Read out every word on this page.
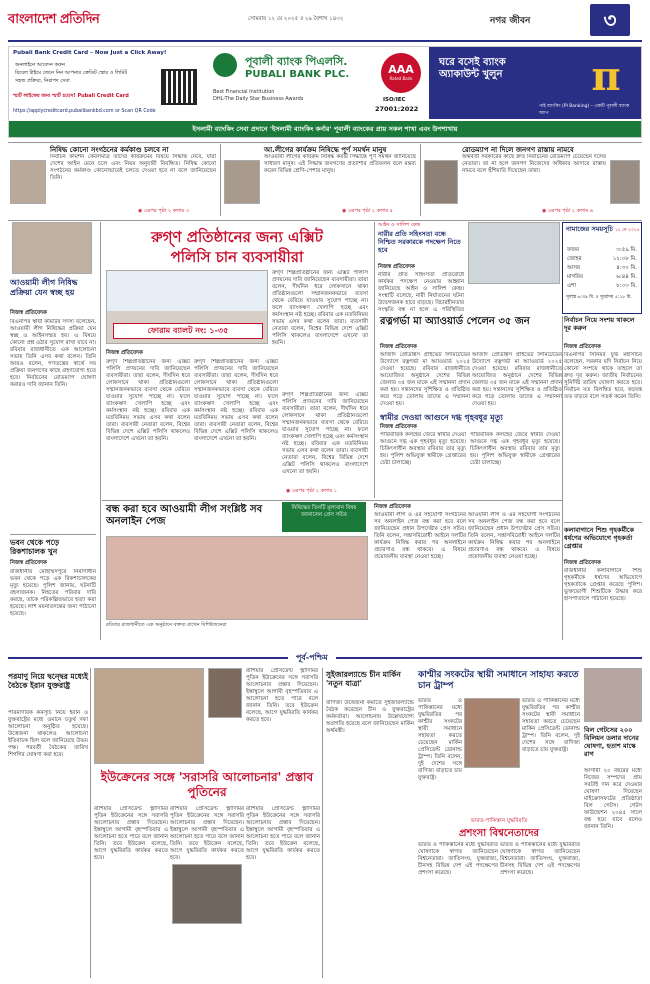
বাংলাদেশ প্রতিদিন	সোমবার ১২ মে ২০২৫ ॥ ২৯ বৈশাখ ১৪৩২	নগর জীবন	৩
Pubali Bank Credit Card – Now Just a Click Away!
অনলাইনে আবেদন করুন
রিয়েল টাইমে জেনে নিন আপনার ক্রেডিট স্কোর ও লিমিট
সহজ প্রক্রিয়া, নিরাপদ সেবা
স্মার্ট লাইফের জন্য স্মার্ট চয়েস! Pubali Credit Card
https://applycreditcard.pubalibankbd.com or Scan QR Code
পূবালী ব্যাংক পিএলসি.
PUBALI BANK PLC.
Best Financial Institution
DHL-The Daily Star Business Awards
AAA
Rated Bank
ISO/IEC
27001:2022
ঘরে বসেই ব্যাংক অ্যাকাউন্ট খুলুন
পাই ব্যাংকিং (PI Banking) – একটি পূবালী ব্যাংক অ্যাপ
π
ইসলামী ব্যাংকিং সেবা প্রদানে 'ইসলামী ব্যাংকিং কর্নার' পূবালী ব্যাংকের প্রায় সকল শাখা এবং উপশাখায়
নিষিদ্ধ কোনো সংগঠনের কর্মকাণ্ড চলবে না
নির্বাচন কমিশন কেবলমাত্র তাদের কার্যক্রমের বিষয়ে সিদ্ধান্ত নেবে, যারা দেশের আইন মেনে চলে এবং নিয়ম অনুযায়ী নিবন্ধিত। নিষিদ্ধ কোনো সংগঠনের কর্মকাণ্ড কোনোভাবেই চলতে দেওয়া হবে না বলে জানিয়েছেন তিনি।
◉ এরপর পৃষ্ঠা ২ কলাম ৩
আ.লীগের কার্যক্রম নিষিদ্ধে পূর্ণ সমর্থন মানুষ
আওয়ামী লীগের কার্যক্রম নিষিদ্ধ করার সিদ্ধান্তে পূর্ণ সমর্থন জানিয়েছে সাধারণ মানুষ। এই সিদ্ধান্ত জনগণের প্রত্যাশার প্রতিফলন বলে মন্তব্য করেন বিভিন্ন শ্রেণি-পেশার মানুষ।
◉ এরপর পৃষ্ঠা ২ কলাম ৫
রোডম্যাপ না দিলে জনগণ রাস্তায় নামবে
অন্তর্বর্তী সরকারের কাছে দ্রুত নির্বাচনের রোডম্যাপ চেয়েছেন দলের নেতারা। তা না হলে জনগণ নিজেদের অধিকার আদায়ে রাস্তায় নামবে বলে হুঁশিয়ারি দিয়েছেন তারা।
◉ এরপর পৃষ্ঠা ২ কলাম ৬
আওয়ামী লীগ নিষিদ্ধ প্রক্রিয়া যেন স্বচ্ছ হয়
নিজস্ব প্রতিবেদক
বিএনপির স্থায়ী কমিটির সদস্য বলেছেন, আওয়ামী লীগ নিষিদ্ধের প্রক্রিয়া যেন স্বচ্ছ ও আইনসম্মত হয়। এ বিষয়ে কোনো প্রশ্ন ওঠার সুযোগ রাখা যাবে না। রবিবার রাজধানীতে এক আলোচনা সভায় তিনি এসব কথা বলেন। তিনি আরও বলেন, গণতন্ত্রের স্বার্থে সব প্রক্রিয়া জনগণের কাছে গ্রহণযোগ্য হতে হবে। নির্বাচনের রোডম্যাপ ঘোষণা করারও দাবি জানান তিনি।
ভবন থেকে পড়ে রিকশাচালক খুন
নিজস্ব প্রতিবেদক
রাজধানীর মোহাম্মদপুরে নির্মাণাধীন ভবন থেকে পড়ে এক রিকশাচালকের মৃত্যু হয়েছে। পুলিশ জানায়, ঘটনাটি রহস্যজনক। নিহতের পরিবার দাবি করছে, তাকে পরিকল্পিতভাবে হত্যা করা হয়েছে। লাশ ময়নাতদন্তের জন্য পাঠানো হয়েছে।
রুগ্ণ প্রতিষ্ঠানের জন্য এক্সিট
পলিসি চান ব্যবসায়ীরা
ফোরাম ব্যালট নং: ১-৩৫
রুগ্ণ শিল্পপ্রতিষ্ঠানের জন্য এক্সিট পলিসি প্রণয়নের দাবি জানিয়েছেন ব্যবসায়ীরা। তারা বলেন, দীর্ঘদিন ধরে লোকসানে থাকা প্রতিষ্ঠানগুলো সম্মানজনকভাবে ব্যবসা থেকে বেরিয়ে যাওয়ার সুযোগ পাচ্ছে না। ফলে ব্যাংকঋণ খেলাপি হচ্ছে এবং কর্মসংস্থান নষ্ট হচ্ছে। রবিবার এক মতবিনিময় সভায় এসব কথা বলেন তারা। ব্যবসায়ী নেতারা বলেন, বিশ্বের বিভিন্ন দেশে এক্সিট পলিসি থাকলেও বাংলাদেশে এখনো তা হয়নি।
নিজস্ব প্রতিবেদক
রুগ্ণ শিল্পপ্রতিষ্ঠানের জন্য এক্সিট পলিসি প্রণয়নের দাবি জানিয়েছেন ব্যবসায়ীরা। তারা বলেন, দীর্ঘদিন ধরে লোকসানে থাকা প্রতিষ্ঠানগুলো সম্মানজনকভাবে ব্যবসা থেকে বেরিয়ে যাওয়ার সুযোগ পাচ্ছে না। ফলে ব্যাংকঋণ খেলাপি হচ্ছে এবং কর্মসংস্থান নষ্ট হচ্ছে। রবিবার এক মতবিনিময় সভায় এসব কথা বলেন তারা। ব্যবসায়ী নেতারা বলেন, বিশ্বের বিভিন্ন দেশে এক্সিট পলিসি থাকলেও বাংলাদেশে এখনো তা হয়নি।
রুগ্ণ শিল্পপ্রতিষ্ঠানের জন্য এক্সিট পলিসি প্রণয়নের দাবি জানিয়েছেন ব্যবসায়ীরা। তারা বলেন, দীর্ঘদিন ধরে লোকসানে থাকা প্রতিষ্ঠানগুলো সম্মানজনকভাবে ব্যবসা থেকে বেরিয়ে যাওয়ার সুযোগ পাচ্ছে না। ফলে ব্যাংকঋণ খেলাপি হচ্ছে এবং কর্মসংস্থান নষ্ট হচ্ছে। রবিবার এক মতবিনিময় সভায় এসব কথা বলেন তারা। ব্যবসায়ী নেতারা বলেন, বিশ্বের বিভিন্ন দেশে এক্সিট পলিসি থাকলেও বাংলাদেশে এখনো তা হয়নি।
রুগ্ণ শিল্পপ্রতিষ্ঠানের জন্য এক্সিট পলিসি প্রণয়নের দাবি জানিয়েছেন ব্যবসায়ীরা। তারা বলেন, দীর্ঘদিন ধরে লোকসানে থাকা প্রতিষ্ঠানগুলো সম্মানজনকভাবে ব্যবসা থেকে বেরিয়ে যাওয়ার সুযোগ পাচ্ছে না। ফলে ব্যাংকঋণ খেলাপি হচ্ছে এবং কর্মসংস্থান নষ্ট হচ্ছে। রবিবার এক মতবিনিময় সভায় এসব কথা বলেন তারা। ব্যবসায়ী নেতারা বলেন, বিশ্বের বিভিন্ন দেশে এক্সিট পলিসি থাকলেও বাংলাদেশে এখনো তা হয়নি।
◉ এরপর পৃষ্ঠা ২ কলাম ১
আইন ও সালিশ কেন্দ্র
নারীর প্রতি সহিংসতা বন্ধে নিশ্চিত সরকারকে পদক্ষেপ নিতে হবে
নিজস্ব প্রতিবেদক
নারীর প্রতি সহিংসতা প্রতিরোধে কার্যকর পদক্ষেপ নেওয়ার আহ্বান জানিয়েছে আইন ও সালিশ কেন্দ্র। সংস্থাটি বলেছে, নারী নির্যাতনের ঘটনা উদ্বেগজনক হারে বাড়ছে। বিচারহীনতার সংস্কৃতি বন্ধ না হলে এ পরিস্থিতির
নামাজের সময়সূচি ১২ মে ২০২৫
ফজর	৩:৫৯ মি.
জোহর	১২:০৮ মি.
আসর	৪:৩০ মি.
মাগরিব	৬:৪৪ মি.
এশা	৮:০৩ মি.
সূর্যাস্ত ৬:৩৯ মি. ॥ সূর্যোদয় ৫:১৮ মি.
রত্নগর্ভা মা অ্যাওয়ার্ড পেলেন ৩৫ জন
নিজস্ব প্রতিবেদক
আজাদ প্রোডাক্টস প্রাইভেট লিমিটেডের উদ্যোগে রত্নগর্ভা মা অ্যাওয়ার্ড ২০২৫ দেওয়া হয়েছে। রবিবার রাজধানীতে আয়োজিত অনুষ্ঠানে দেশের বিভিন্ন জেলার ৩৫ জন মাকে এই সম্মাননা প্রদান করা হয়। সন্তানদের সুশিক্ষিত ও প্রতিষ্ঠিত করে গড়ে তোলায় তাদের এ সম্মাননা দেওয়া হয়।
আজাদ প্রোডাক্টস প্রাইভেট লিমিটেডের উদ্যোগে রত্নগর্ভা মা অ্যাওয়ার্ড ২০২৫ দেওয়া হয়েছে। রবিবার রাজধানীতে আয়োজিত অনুষ্ঠানে দেশের বিভিন্ন জেলার ৩৫ জন মাকে এই সম্মাননা প্রদান করা হয়। সন্তানদের সুশিক্ষিত ও প্রতিষ্ঠিত করে গড়ে তোলায় তাদের এ সম্মাননা দেওয়া হয়।
নির্বাচন নিয়ে সংশয় থাকলে দূর করুন
নিজস্ব প্রতিবেদক
বিএনপির সিনিয়র যুগ্ম মহাসচিব বলেছেন, সরকার যদি নির্বাচন নিয়ে কোনো সংশয়ে থাকে তাহলে তা দ্রুত দূর করুন। জাতীয় নির্বাচনের সুনির্দিষ্ট তারিখ ঘোষণা করতে হবে। নির্বাচন যত বিলম্বিত হবে, ষড়যন্ত্র তত বাড়বে বলে সতর্ক করেন তিনি।
কলাবাগানে শিশু গৃহকর্মীকে ধর্ষণের অভিযোগে গৃহকর্তা গ্রেপ্তার
নিজস্ব প্রতিবেদক
রাজধানীর কলাবাগানে শিশু গৃহকর্মীকে ধর্ষণের অভিযোগে গৃহকর্তাকে গ্রেপ্তার করেছে পুলিশ। ভুক্তভোগী শিশুটিকে উদ্ধার করে হাসপাতালে পাঠানো হয়েছে।
স্বামীর দেওয়া আগুনে দগ্ধ গৃহবধূর মৃত্যু
নিজস্ব প্রতিবেদক
পারিবারিক কলহের জেরে স্বামীর দেওয়া আগুনে দগ্ধ এক গৃহবধূর মৃত্যু হয়েছে। চিকিৎসাধীন অবস্থায় রবিবার তার মৃত্যু হয়। পুলিশ অভিযুক্ত স্বামীকে গ্রেপ্তারের চেষ্টা চালাচ্ছে।
পারিবারিক কলহের জেরে স্বামীর দেওয়া আগুনে দগ্ধ এক গৃহবধূর মৃত্যু হয়েছে। চিকিৎসাধীন অবস্থায় রবিবার তার মৃত্যু হয়। পুলিশ অভিযুক্ত স্বামীকে গ্রেপ্তারের চেষ্টা চালাচ্ছে।
বন্ধ করা হবে আওয়ামী লীগ সংশ্লিষ্ট সব অনলাইন পেজ
নিষিদ্ধের তিনটি মূল্যবান বিষয় জানালেন প্রেস সচিব
রবিবার রাজধানীতে এক অনুষ্ঠানে বক্তব্য রাখেন বিশিষ্টজনেরা
নিজস্ব প্রতিবেদক
আওয়ামী লীগ ও এর সহযোগী সংগঠনের সব অনলাইন পেজ বন্ধ করা হবে বলে জানিয়েছেন প্রধান উপদেষ্টার প্রেস সচিব। তিনি বলেন, সন্ত্রাসবিরোধী আইনে দলটির কার্যক্রম নিষিদ্ধ করার পর অনলাইনে প্রচারণাও বন্ধ থাকবে। এ বিষয়ে প্রয়োজনীয় ব্যবস্থা নেওয়া হচ্ছে।
আওয়ামী লীগ ও এর সহযোগী সংগঠনের সব অনলাইন পেজ বন্ধ করা হবে বলে জানিয়েছেন প্রধান উপদেষ্টার প্রেস সচিব। তিনি বলেন, সন্ত্রাসবিরোধী আইনে দলটির কার্যক্রম নিষিদ্ধ করার পর অনলাইনে প্রচারণাও বন্ধ থাকবে। এ বিষয়ে প্রয়োজনীয় ব্যবস্থা নেওয়া হচ্ছে।
পূর্ব-পশ্চিম
পরমাণু নিয়ে দ্বন্দ্বের মধ্যেই বৈঠকে ইরান যুক্তরাষ্ট্র
পারমাণবিক কর্মসূচি নিয়ে ইরান ও যুক্তরাষ্ট্রের মধ্যে ওমানে চতুর্থ দফা আলোচনা অনুষ্ঠিত হয়েছে। উত্তেজনা থাকলেও আলোচনা ইতিবাচক ছিল বলে জানিয়েছে উভয় পক্ষ। পরবর্তী বৈঠকের তারিখ শিগগির ঘোষণা করা হবে।
রাশিয়ার প্রেসিডেন্ট ভ্লাদিমির পুতিন ইউক্রেনের সঙ্গে সরাসরি আলোচনার প্রস্তাব দিয়েছেন। ইস্তাম্বুলে আগামী বৃহস্পতিবার এ আলোচনা হতে পারে বলে জানান তিনি। তবে ইউক্রেন বলেছে, আগে যুদ্ধবিরতি কার্যকর করতে হবে।
ইউক্রেনের সঙ্গে 'সরাসরি আলোচনার' প্রস্তাব পুতিনের
রাশিয়ার প্রেসিডেন্ট ভ্লাদিমির পুতিন ইউক্রেনের সঙ্গে সরাসরি আলোচনার প্রস্তাব দিয়েছেন। ইস্তাম্বুলে আগামী বৃহস্পতিবার এ আলোচনা হতে পারে বলে জানান তিনি। তবে ইউক্রেন বলেছে, আগে যুদ্ধবিরতি কার্যকর করতে হবে।
রাশিয়ার প্রেসিডেন্ট ভ্লাদিমির পুতিন ইউক্রেনের সঙ্গে সরাসরি আলোচনার প্রস্তাব দিয়েছেন। ইস্তাম্বুলে আগামী বৃহস্পতিবার এ আলোচনা হতে পারে বলে জানান তিনি। তবে ইউক্রেন বলেছে, আগে যুদ্ধবিরতি কার্যকর করতে হবে।
রাশিয়ার প্রেসিডেন্ট ভ্লাদিমির পুতিন ইউক্রেনের সঙ্গে সরাসরি আলোচনার প্রস্তাব দিয়েছেন। ইস্তাম্বুলে আগামী বৃহস্পতিবার এ আলোচনা হতে পারে বলে জানান তিনি। তবে ইউক্রেন বলেছে, আগে যুদ্ধবিরতি কার্যকর করতে হবে।
সুইজারল্যান্ডে চীন মার্কিন 'নতুন যাত্রা'
বাণিজ্য উত্তেজনা কমাতে সুইজারল্যান্ডে বৈঠক করেছেন চীন ও যুক্তরাষ্ট্রের কর্মকর্তারা। আলোচনায় উল্লেখযোগ্য অগ্রগতি হয়েছে বলে জানিয়েছেন মার্কিন অর্থমন্ত্রী।
কাশ্মীর সংকটের স্থায়ী সমাধানে সাহায্য করতে চান ট্রাম্প
ভারত ও পাকিস্তানের মধ্যে যুদ্ধবিরতির পর কাশ্মীর সংকটের স্থায়ী সমাধানে সহায়তা করতে চেয়েছেন মার্কিন প্রেসিডেন্ট ডোনাল্ড ট্রাম্প। তিনি বলেন, দুই দেশের সঙ্গে বাণিজ্য বাড়াতে চায় যুক্তরাষ্ট্র।
ভারত ও পাকিস্তানের মধ্যে যুদ্ধবিরতির পর কাশ্মীর সংকটের স্থায়ী সমাধানে সহায়তা করতে চেয়েছেন মার্কিন প্রেসিডেন্ট ডোনাল্ড ট্রাম্প। তিনি বলেন, দুই দেশের সঙ্গে বাণিজ্য বাড়াতে চায় যুক্তরাষ্ট্র।
ভারত-পাকিস্তান যুদ্ধবিরতি
প্রশংসা বিশ্বনেতাদের
ভারত ও পাকিস্তানের মধ্যে যুদ্ধবিরতি ঘোষণাকে স্বাগত জানিয়েছেন বিশ্বনেতারা। জাতিসংঘ, যুক্তরাজ্য, চীনসহ বিভিন্ন দেশ এই পদক্ষেপের প্রশংসা করেছে।
ভারত ও পাকিস্তানের মধ্যে যুদ্ধবিরতি ঘোষণাকে স্বাগত জানিয়েছেন বিশ্বনেতারা। জাতিসংঘ, যুক্তরাজ্য, চীনসহ বিভিন্ন দেশ এই পদক্ষেপের প্রশংসা করেছে।
বিল গেটসের ২০০ বিলিয়ন ডলার দানের ঘোষণা, হতাশ মাস্কে রাগ
আগামী ২০ বছরের মধ্যে নিজের সম্পদের প্রায় সবটাই দান করে দেওয়ার ঘোষণা দিয়েছেন মাইক্রোসফটের প্রতিষ্ঠাতা বিল গেটস। গেটস ফাউন্ডেশন ২০৪৫ সালে বন্ধ হয়ে যাবে বলেও জানান তিনি।
